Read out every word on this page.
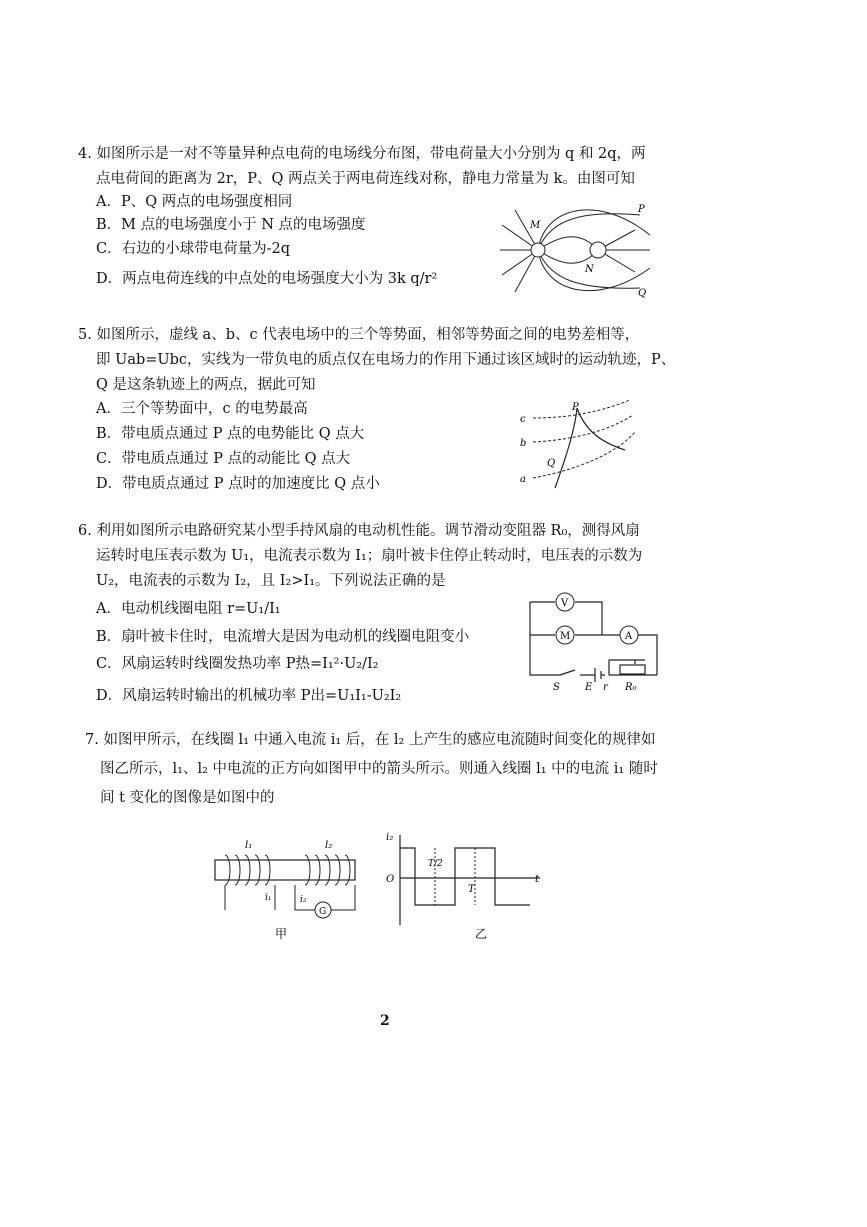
4. 如图所示是一对不等量异种点电荷的电场线分布图，带电荷量大小分别为 q 和 2q，两
点电荷间的距离为 2r，P、Q 两点关于两电荷连线对称，静电力常量为 k。由图可知
A．P、Q 两点的电场强度相同
B．M 点的电场强度小于 N 点的电场强度
C．右边的小球带电荷量为-2q
D．两点电荷连线的中点处的电场强度大小为 3k q/r²
M
N
P
Q
5. 如图所示，虚线 a、b、c 代表电场中的三个等势面，相邻等势面之间的电势差相等，
即 Uab=Ubc，实线为一带负电的质点仅在电场力的作用下通过该区域时的运动轨迹，P、
Q 是这条轨迹上的两点，据此可知
A．三个等势面中，c 的电势最高
B．带电质点通过 P 点的电势能比 Q 点大
C．带电质点通过 P 点的动能比 Q 点大
D．带电质点通过 P 点时的加速度比 Q 点小
c
b
a
P
Q
6. 利用如图所示电路研究某小型手持风扇的电动机性能。调节滑动变阻器 R₀，测得风扇
运转时电压表示数为 U₁，电流表示数为 I₁；扇叶被卡住停止转动时，电压表的示数为
U₂，电流表的示数为 I₂，且 I₂>I₁。下列说法正确的是
A．电动机线圈电阻 r=U₁/I₁
B．扇叶被卡住时，电流增大是因为电动机的线圈电阻变小
C．风扇运转时线圈发热功率 P热=I₁²·U₂/I₂
D．风扇运转时输出的机械功率 P出=U₁I₁-U₂I₂
V
M	A
S	E r R₀
7. 如图甲所示，在线圈 l₁ 中通入电流 i₁ 后，在 l₂ 上产生的感应电流随时间变化的规律如
图乙所示，l₁、l₂ 中电流的正方向如图甲中的箭头所示。则通入线圈 l₁ 中的电流 i₁ 随时
间 t 变化的图像是如图中的
G
l₁	l₂
i₁	i₂
甲
i₂
O
T/2
T
t
乙
2
